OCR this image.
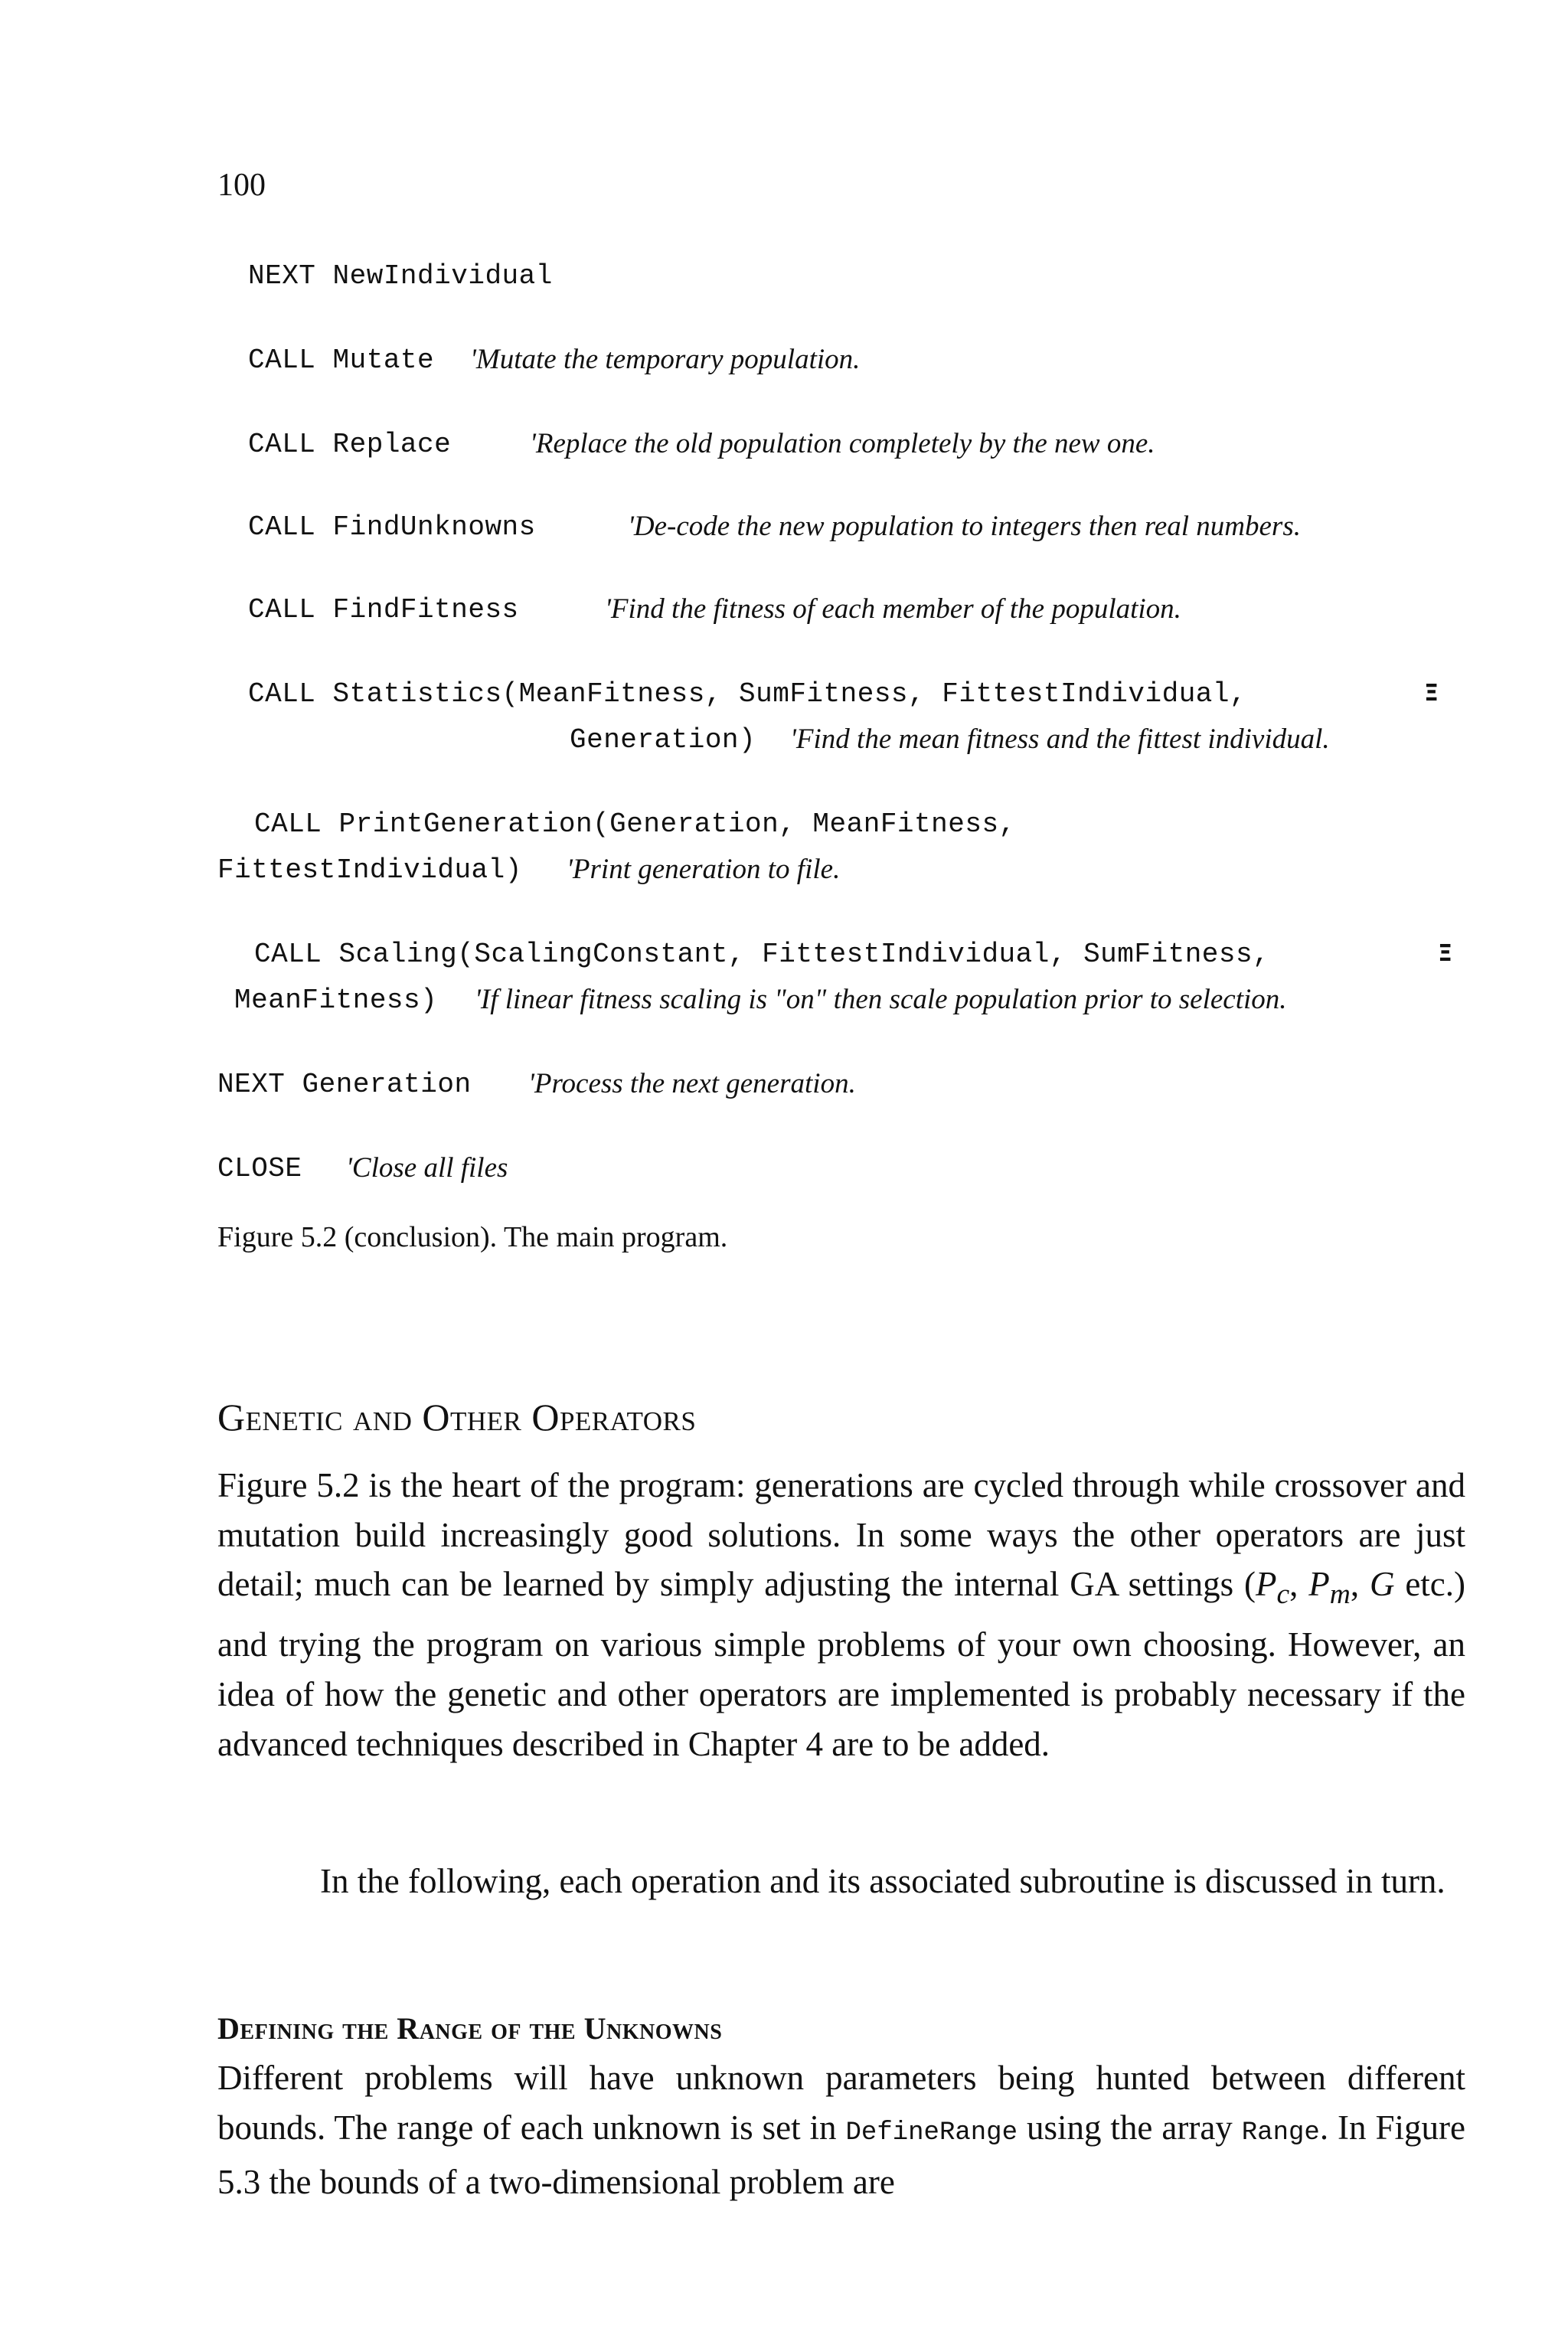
100
NEXT NewIndividual
CALL Mutate 'Mutate the temporary population.
CALL Replace	'Replace the old population completely by the new one.
CALL FindUnknowns	'De-code the new population to integers then real numbers.
CALL FindFitness	'Find the fitness of each member of the population.
CALL Statistics(MeanFitness, SumFitness, FittestIndividual,	Ξ
Generation) 'Find the mean fitness and the fittest individual.
CALL PrintGeneration(Generation, MeanFitness,
FittestIndividual) 'Print generation to file.
CALL Scaling(ScalingConstant, FittestIndividual, SumFitness,	Ξ
MeanFitness) 'If linear fitness scaling is "on" then scale population prior to selection.
NEXT Generation 'Process the next generation.
CLOSE 'Close all files
Figure 5.2 (conclusion). The main program.
Genetic and Other Operators
Figure 5.2 is the heart of the program: generations are cycled through while crossover and mutation build increasingly good solutions. In some ways the other operators are just detail; much can be learned by simply adjusting the internal GA settings ($P_c$, $P_m$, G etc.) and trying the program on various simple problems of your own choosing. However, an idea of how the genetic and other operators are implemented is probably necessary if the advanced techniques described in Chapter 4 are to be added.
In the following, each operation and its associated subroutine is discussed in turn.
Defining the Range of the Unknowns
Different problems will have unknown parameters being hunted between different bounds. The range of each unknown is set in DefineRange using the array Range. In Figure 5.3 the bounds of a two-dimensional problem are
